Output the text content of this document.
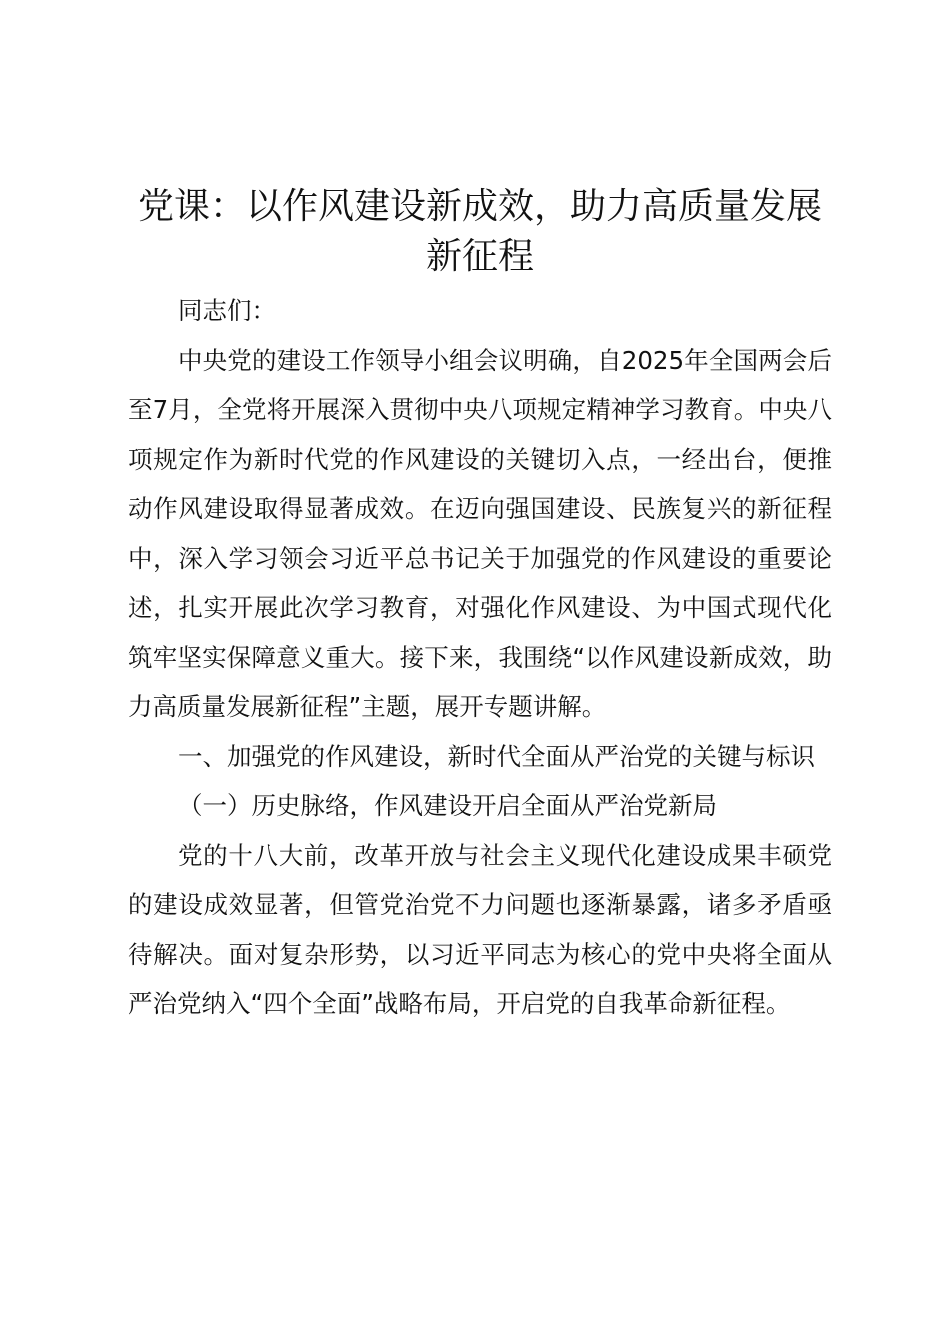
党课：以作风建设新成效，助力高质量发展新征程

同志们：

中央党的建设工作领导小组会议明确，自2025年全国两会后至7月，全党将开展深入贯彻中央八项规定精神学习教育。中央八项规定作为新时代党的作风建设的关键切入点，一经出台，便推动作风建设取得显著成效。在迈向强国建设、民族复兴的新征程中，深入学习领会习近平总书记关于加强党的作风建设的重要论述，扎实开展此次学习教育，对强化作风建设、为中国式现代化筑牢坚实保障意义重大。接下来，我围绕“以作风建设新成效，助力高质量发展新征程”主题，展开专题讲解。

一、加强党的作风建设，新时代全面从严治党的关键与标识

（一）历史脉络，作风建设开启全面从严治党新局

党的十八大前，改革开放与社会主义现代化建设成果丰硕党的建设成效显著，但管党治党不力问题也逐渐暴露，诸多矛盾亟待解决。面对复杂形势，以习近平同志为核心的党中央将全面从严治党纳入“四个全面”战略布局，开启党的自我革命新征程。
